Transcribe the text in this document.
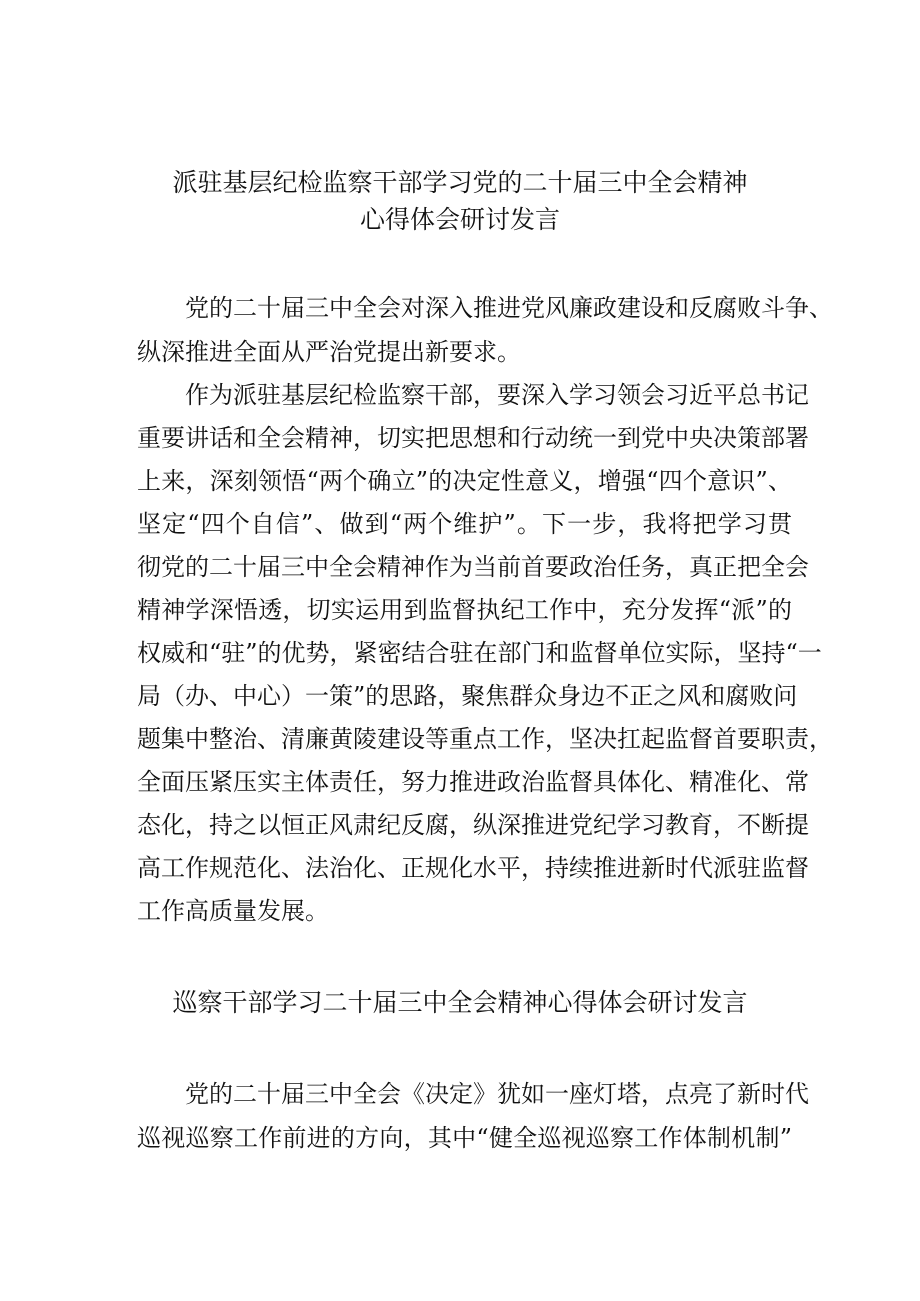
派驻基层纪检监察干部学习党的二十届三中全会精神
心得体会研讨发言

党的二十届三中全会对深入推进党风廉政建设和反腐败斗争、

纵深推进全面从严治党提出新要求。

作为派驻基层纪检监察干部，要深入学习领会习近平总书记

重要讲话和全会精神，切实把思想和行动统一到党中央决策部署

上来，深刻领悟“两个确立”的决定性意义，增强“四个意识”、

坚定“四个自信”、做到“两个维护”。下一步，我将把学习贯

彻党的二十届三中全会精神作为当前首要政治任务，真正把全会

精神学深悟透，切实运用到监督执纪工作中，充分发挥“派”的

权威和“驻”的优势，紧密结合驻在部门和监督单位实际，坚持“一

局（办、中心）一策”的思路，聚焦群众身边不正之风和腐败问

题集中整治、清廉黄陵建设等重点工作，坚决扛起监督首要职责，

全面压紧压实主体责任，努力推进政治监督具体化、精准化、常

态化，持之以恒正风肃纪反腐，纵深推进党纪学习教育，不断提

高工作规范化、法治化、正规化水平，持续推进新时代派驻监督

工作高质量发展。

巡察干部学习二十届三中全会精神心得体会研讨发言

党的二十届三中全会《决定》犹如一座灯塔，点亮了新时代

巡视巡察工作前进的方向，其中“健全巡视巡察工作体制机制”
